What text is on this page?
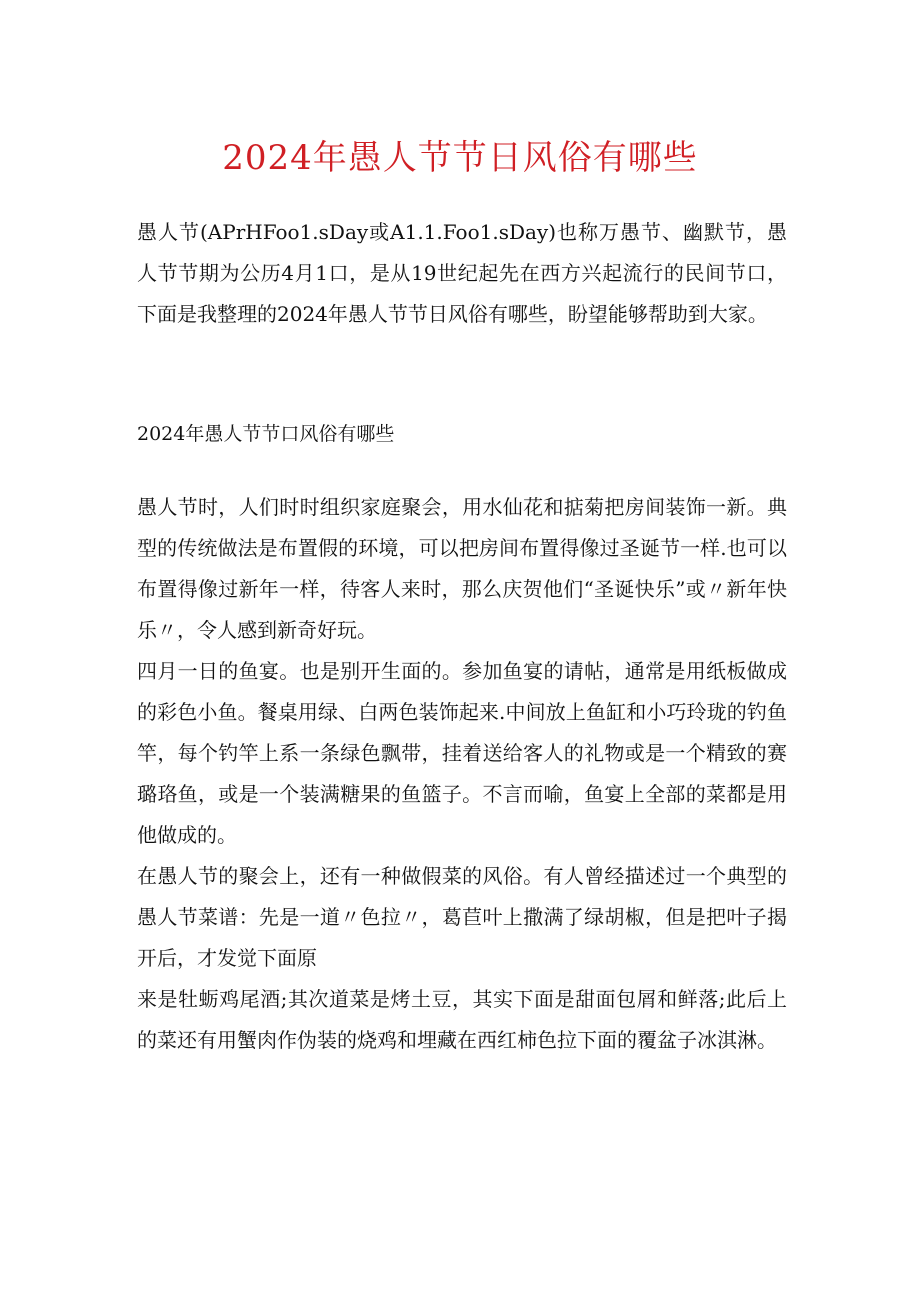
2024年愚人节节日风俗有哪些
愚人节(APrHFoo1.sDay或A1.1.Foo1.sDay)也称万愚节、幽默节，愚人节节期为公历4月1口，是从19世纪起先在西方兴起流行的民间节口，下面是我整理的2024年愚人节节日风俗有哪些，盼望能够帮助到大家。
2024年愚人节节口风俗有哪些

愚人节时，人们时时组织家庭聚会，用水仙花和掂菊把房间装饰一新。典型的传统做法是布置假的环境，可以把房间布置得像过圣诞节一样.也可以布置得像过新年一样，待客人来时，那么庆贺他们“圣诞快乐”或〃新年快乐〃，令人感到新奇好玩。

四月一日的鱼宴。也是别开生面的。参加鱼宴的请帖，通常是用纸板做成的彩色小鱼。餐桌用绿、白两色装饰起来.中间放上鱼缸和小巧玲珑的钓鱼竿，每个钓竿上系一条绿色飘带，挂着送给客人的礼物或是一个精致的赛璐珞鱼，或是一个装满糖果的鱼篮子。不言而喻，鱼宴上全部的菜都是用他做成的。

在愚人节的聚会上，还有一种做假菜的风俗。有人曾经描述过一个典型的愚人节菜谱：先是一道〃色拉〃，葛苣叶上撒满了绿胡椒，但是把叶子揭开后，才发觉下面原

来是牡蛎鸡尾酒;其次道菜是烤土豆，其实下面是甜面包屑和鲜落;此后上的菜还有用蟹肉作伪装的烧鸡和埋藏在西红柿色拉下面的覆盆子冰淇淋。
